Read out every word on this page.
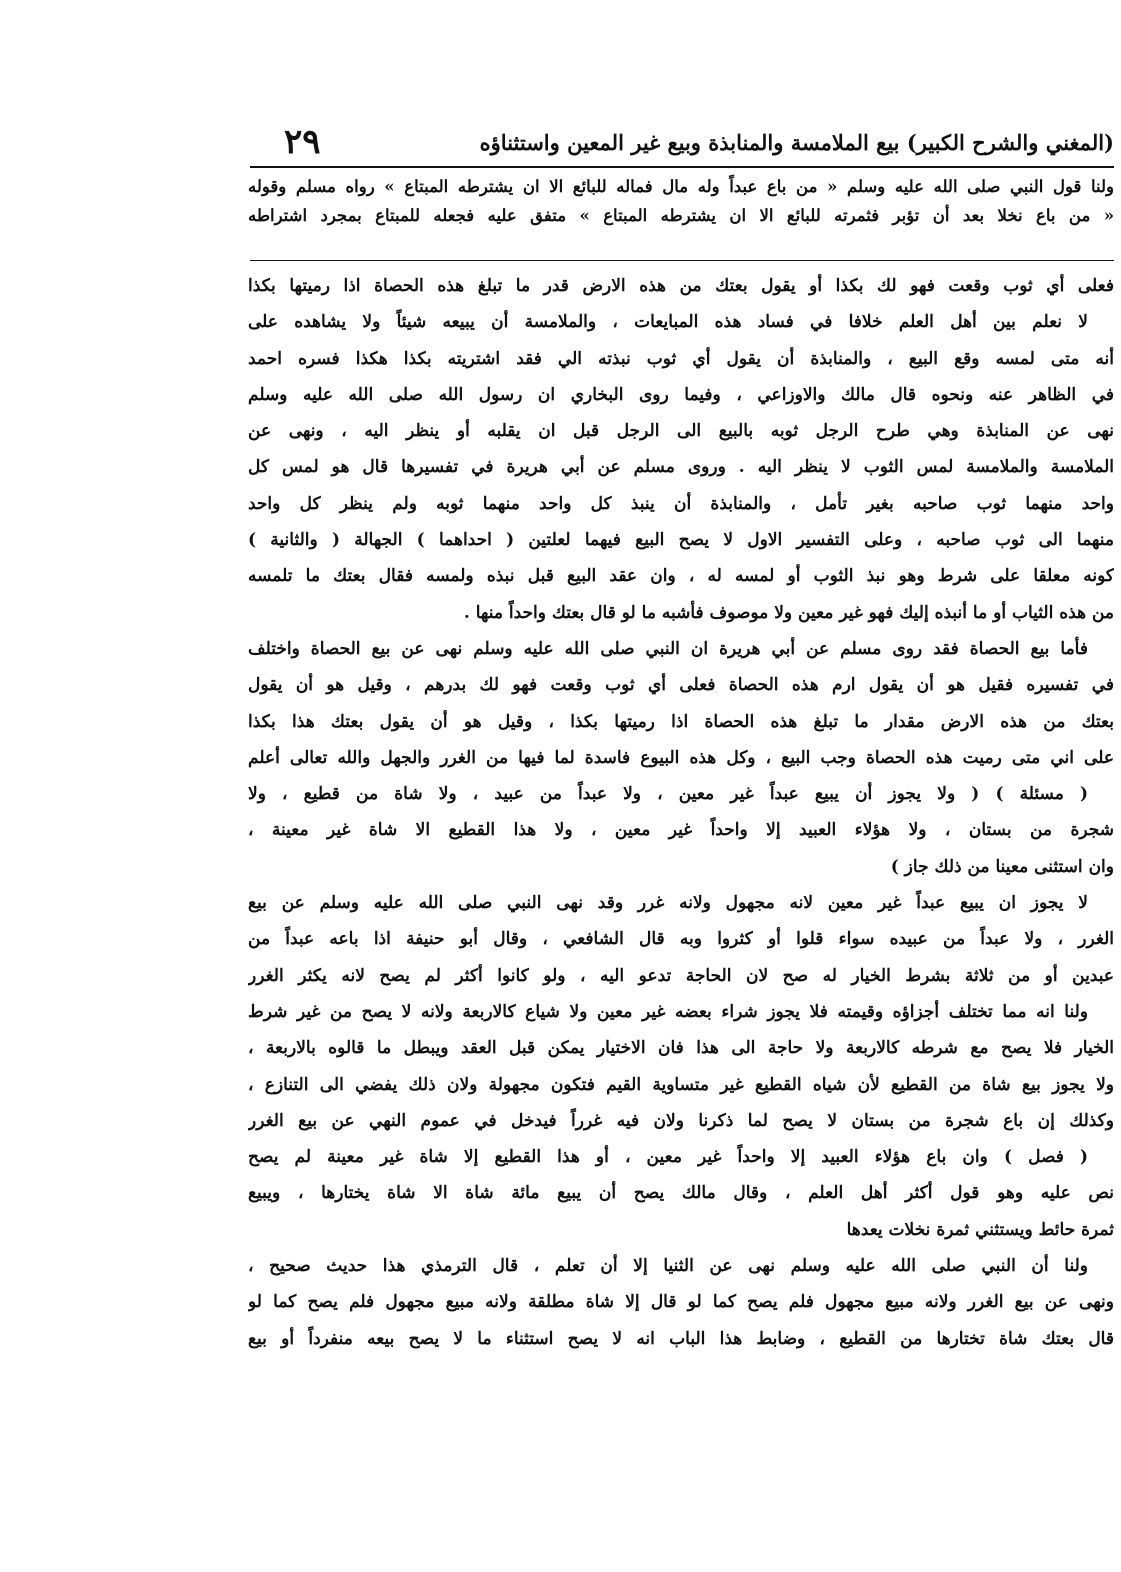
٢٩	(المغني والشرح الكبير) بيع الملامسة والمنابذة وبيع غير المعين واستثناؤه
ولنا قول النبي صلى الله عليه وسلم « من باع عبداً وله مال فماله للبائع الا ان يشترطه المبتاع » رواه مسلم وقوله
« من باع نخلا بعد أن تؤبر فثمرته للبائع الا ان يشترطه المبتاع » متفق عليه فجعله للمبتاع بمجرد اشتراطه
فعلى أي ثوب وقعت فهو لك بكذا أو يقول بعتك من هذه الارض قدر ما تبلغ هذه الحصاة اذا رميتها بكذا
لا نعلم بين أهل العلم خلافا في فساد هذه المبايعات ، والملامسة أن يبيعه شيئاً ولا يشاهده على
أنه متى لمسه وقع البيع ، والمنابذة أن يقول أي ثوب نبذته الي فقد اشتريته بكذا هكذا فسره احمد
في الظاهر عنه ونحوه قال مالك والاوزاعي ، وفيما روى البخاري ان رسول الله صلى الله عليه وسلم
نهى عن المنابذة وهي طرح الرجل ثوبه بالبيع الى الرجل قبل ان يقلبه أو ينظر اليه ، ونهى عن
الملامسة والملامسة لمس الثوب لا ينظر اليه . وروى مسلم عن أبي هريرة في تفسيرها قال هو لمس كل
واحد منهما ثوب صاحبه بغير تأمل ، والمنابذة أن ينبذ كل واحد منهما ثوبه ولم ينظر كل واحد
منهما الى ثوب صاحبه ، وعلى التفسير الاول لا يصح البيع فيهما لعلتين ( احداهما ) الجهالة ( والثانية )
كونه معلقا على شرط وهو نبذ الثوب أو لمسه له ، وان عقد البيع قبل نبذه ولمسه فقال بعتك ما تلمسه
من هذه الثياب أو ما أنبذه إليك فهو غير معين ولا موصوف فأشبه ما لو قال بعتك واحداً منها .
فأما بيع الحصاة فقد روى مسلم عن أبي هريرة ان النبي صلى الله عليه وسلم نهى عن بيع الحصاة واختلف
في تفسيره فقيل هو أن يقول ارم هذه الحصاة فعلى أي ثوب وقعت فهو لك بدرهم ، وقيل هو أن يقول
بعتك من هذه الارض مقدار ما تبلغ هذه الحصاة اذا رميتها بكذا ، وقيل هو أن يقول بعتك هذا بكذا
على اني متى رميت هذه الحصاة وجب البيع ، وكل هذه البيوع فاسدة لما فيها من الغرر والجهل والله تعالى أعلم
( مسئلة ) ( ولا يجوز أن يبيع عبداً غير معين ، ولا عبداً من عبيد ، ولا شاة من قطيع ، ولا
شجرة من بستان ، ولا هؤلاء العبيد إلا واحداً غير معين ، ولا هذا القطيع الا شاة غير معينة ،
وان استثنى معينا من ذلك جاز )
لا يجوز ان يبيع عبداً غير معين لانه مجهول ولانه غرر وقد نهى النبي صلى الله عليه وسلم عن بيع
الغرر ، ولا عبداً من عبيده سواء قلوا أو كثروا وبه قال الشافعي ، وقال أبو حنيفة اذا باعه عبداً من
عبدين أو من ثلاثة بشرط الخيار له صح لان الحاجة تدعو اليه ، ولو كانوا أكثر لم يصح لانه يكثر الغرر
ولنا انه مما تختلف أجزاؤه وقيمته فلا يجوز شراء بعضه غير معين ولا شياع كالاربعة ولانه لا يصح من غير شرط
الخيار فلا يصح مع شرطه كالاربعة ولا حاجة الى هذا فان الاختيار يمكن قبل العقد ويبطل ما قالوه بالاربعة ،
ولا يجوز بيع شاة من القطيع لأن شياه القطيع غير متساوية القيم فتكون مجهولة ولان ذلك يفضي الى التنازع ،
وكذلك إن باع شجرة من بستان لا يصح لما ذكرنا ولان فيه غرراً فيدخل في عموم النهي عن بيع الغرر
( فصل ) وان باع هؤلاء العبيد إلا واحداً غير معين ، أو هذا القطيع إلا شاة غير معينة لم يصح
نص عليه وهو قول أكثر أهل العلم ، وقال مالك يصح أن يبيع مائة شاة الا شاة يختارها ، ويبيع
ثمرة حائط ويستثني ثمرة نخلات يعدها
ولنا أن النبي صلى الله عليه وسلم نهى عن الثنيا إلا أن تعلم ، قال الترمذي هذا حديث صحيح ،
ونهى عن بيع الغرر ولانه مبيع مجهول فلم يصح كما لو قال إلا شاة مطلقة ولانه مبيع مجهول فلم يصح كما لو
قال بعتك شاة تختارها من القطيع ، وضابط هذا الباب انه لا يصح استثناء ما لا يصح بيعه منفرداً أو بيع
